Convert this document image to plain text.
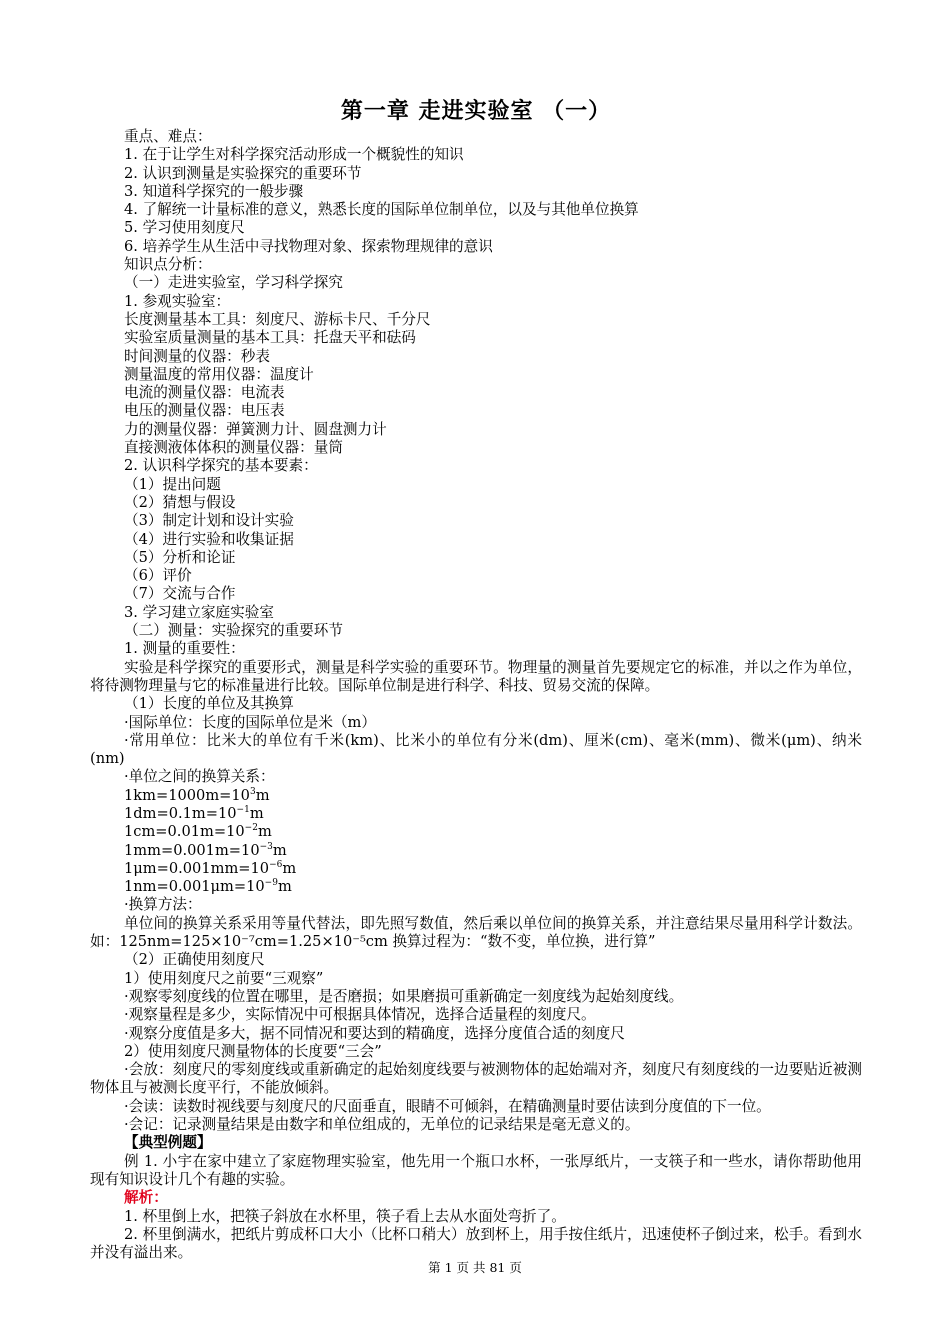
第一章 走进实验室 （一）
重点、难点：
1. 在于让学生对科学探究活动形成一个概貌性的知识
2. 认识到测量是实验探究的重要环节
3. 知道科学探究的一般步骤
4. 了解统一计量标准的意义，熟悉长度的国际单位制单位，以及与其他单位换算
5. 学习使用刻度尺
6. 培养学生从生活中寻找物理对象、探索物理规律的意识
知识点分析：
（一）走进实验室，学习科学探究
1. 参观实验室：
长度测量基本工具：刻度尺、游标卡尺、千分尺
实验室质量测量的基本工具：托盘天平和砝码
时间测量的仪器：秒表
测量温度的常用仪器：温度计
电流的测量仪器：电流表
电压的测量仪器：电压表
力的测量仪器：弹簧测力计、圆盘测力计
直接测液体体积的测量仪器：量筒
2. 认识科学探究的基本要素：
（1）提出问题
（2）猜想与假设
（3）制定计划和设计实验
（4）进行实验和收集证据
（5）分析和论证
（6）评价
（7）交流与合作
3. 学习建立家庭实验室
（二）测量：实验探究的重要环节
1. 测量的重要性：
实验是科学探究的重要形式，测量是科学实验的重要环节。物理量的测量首先要规定它的标准，并以之作为单位，将待测物理量与它的标准量进行比较。国际单位制是进行科学、科技、贸易交流的保障。
（1）长度的单位及其换算
·国际单位：长度的国际单位是米（m）
·常用单位：比米大的单位有千米(km)、比米小的单位有分米(dm)、厘米(cm)、毫米(mm)、微米(μm)、纳米(nm)
·单位之间的换算关系：
$1km=1000m=10^3m$
$1dm=0.1m=10^{-1}m$
$1cm=0.01m=10^{-2}m$
$1mm=0.001m=10^{-3}m$
$1\mu m=0.001mm=10^{-6}m$
$1nm=0.001\mu m=10^{-9}m$
·换算方法：
单位间的换算关系采用等量代替法，即先照写数值，然后乘以单位间的换算关系，并注意结果尽量用科学计数法。如：125nm=125×10⁻⁷cm=1.25×10⁻⁵cm 换算过程为：“数不变，单位换，进行算”
（2）正确使用刻度尺
1）使用刻度尺之前要“三观察”
·观察零刻度线的位置在哪里，是否磨损；如果磨损可重新确定一刻度线为起始刻度线。
·观察量程是多少，实际情况中可根据具体情况，选择合适量程的刻度尺。
·观察分度值是多大，据不同情况和要达到的精确度，选择分度值合适的刻度尺
2）使用刻度尺测量物体的长度要“三会”
·会放：刻度尺的零刻度线或重新确定的起始刻度线要与被测物体的起始端对齐，刻度尺有刻度线的一边要贴近被测物体且与被测长度平行，不能放倾斜。
·会读：读数时视线要与刻度尺的尺面垂直，眼睛不可倾斜，在精确测量时要估读到分度值的下一位。
·会记：记录测量结果是由数字和单位组成的，无单位的记录结果是毫无意义的。
【典型例题】
例 1. 小宇在家中建立了家庭物理实验室，他先用一个瓶口水杯，一张厚纸片，一支筷子和一些水，请你帮助他用现有知识设计几个有趣的实验。
解析：
1. 杯里倒上水，把筷子斜放在水杯里，筷子看上去从水面处弯折了。
2. 杯里倒满水，把纸片剪成杯口大小（比杯口稍大）放到杯上，用手按住纸片，迅速使杯子倒过来，松手。看到水并没有溢出来。
第 1 页 共 81 页
